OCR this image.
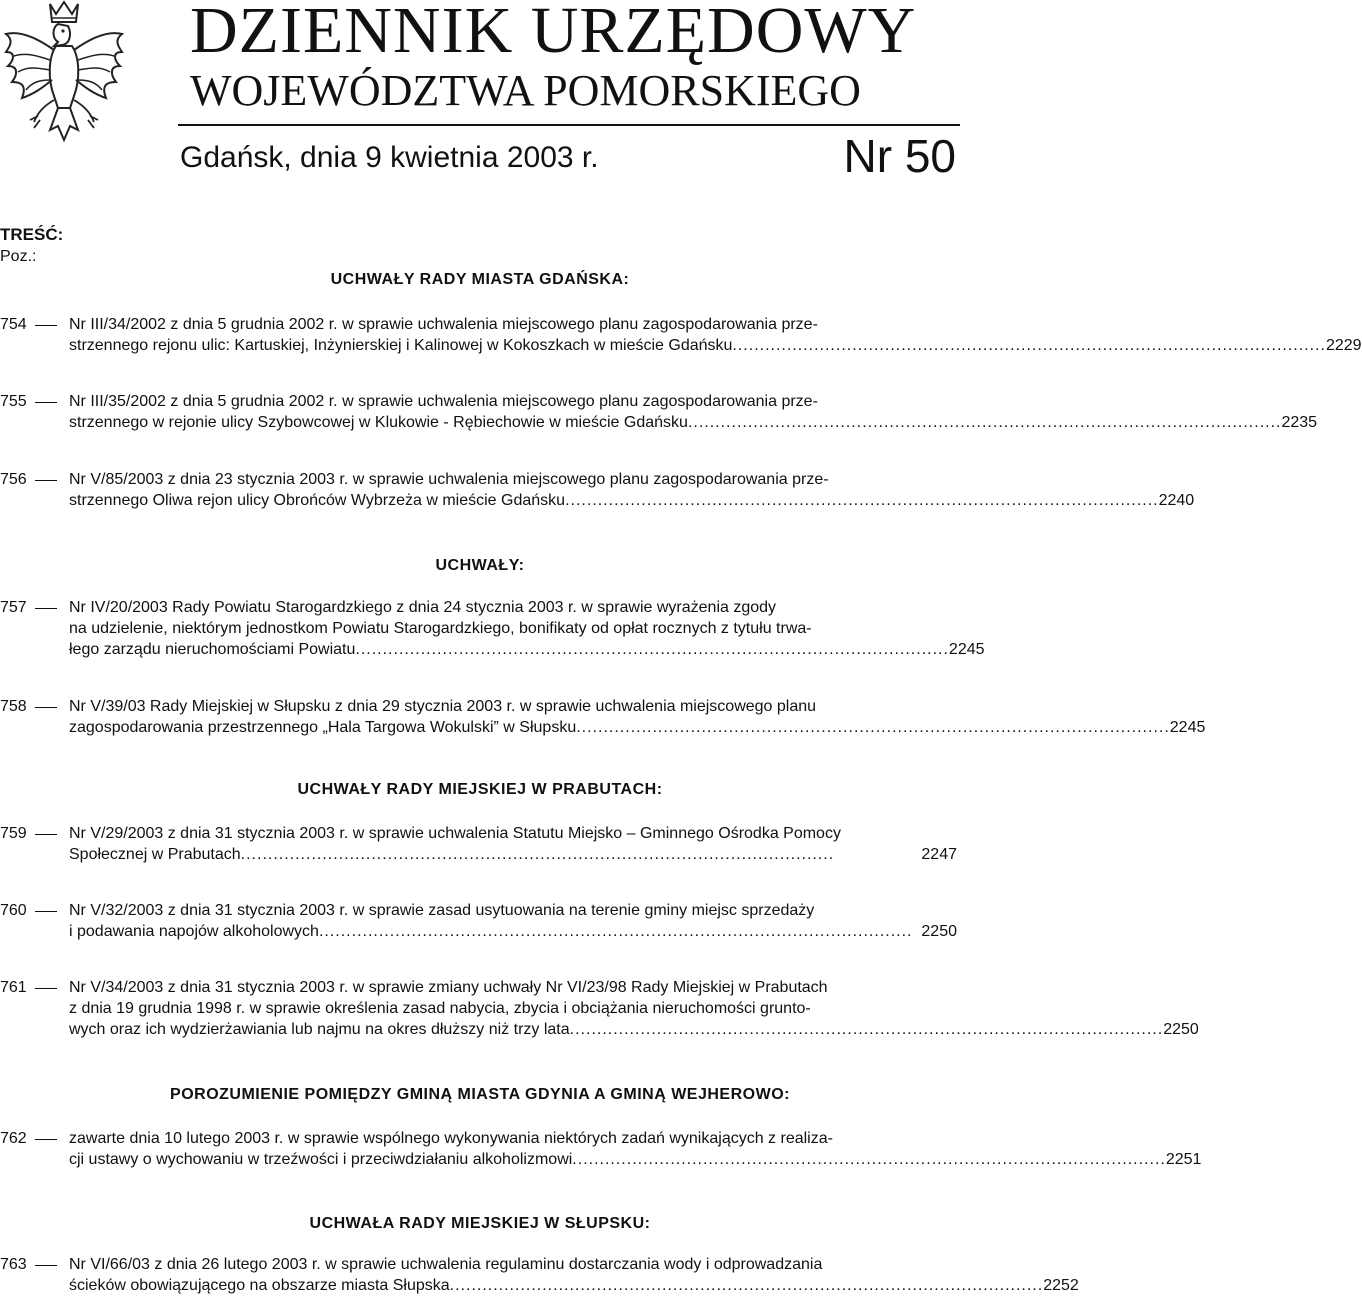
DZIENNIK URZĘDOWY
WOJEWÓDZTWA POMORSKIEGO
Gdańsk, dnia 9 kwietnia 2003 r.	Nr 50
TREŚĆ:
Poz.:
UCHWAŁY RADY MIASTA GDAŃSKA:
UCHWAŁY:
UCHWAŁY RADY MIEJSKIEJ W PRABUTACH:
POROZUMIENIE POMIĘDZY GMINĄ MIASTA GDYNIA A GMINĄ WEJHEROWO:
UCHWAŁA RADY MIEJSKIEJ W SŁUPSKU:
754	Nr III/34/2002 z dnia 5 grudnia 2002 r. w sprawie uchwalenia miejscowego planu zagospodarowania prze-
strzennego rejonu ulic: Kartuskiej, Inżynierskiej i Kalinowej w Kokoszkach w mieście Gdańsku ............................................................................................................. 2229
755	Nr III/35/2002 z dnia 5 grudnia 2002 r. w sprawie uchwalenia miejscowego planu zagospodarowania prze-
strzennego w rejonie ulicy Szybowcowej w Klukowie - Rębiechowie w mieście Gdańsku ............................................................................................................. 2235
756	Nr V/85/2003 z dnia 23 stycznia 2003 r. w sprawie uchwalenia miejscowego planu zagospodarowania prze-
strzennego Oliwa rejon ulicy Obrońców Wybrzeża w mieście Gdańsku ............................................................................................................. 2240
757	Nr IV/20/2003 Rady Powiatu Starogardzkiego z dnia 24 stycznia 2003 r. w sprawie wyrażenia zgody
na udzielenie, niektórym jednostkom Powiatu Starogardzkiego, bonifikaty od opłat rocznych z tytułu trwa-
łego zarządu nieruchomościami Powiatu ............................................................................................................. 2245
758	Nr V/39/03 Rady Miejskiej w Słupsku z dnia 29 stycznia 2003 r. w sprawie uchwalenia miejscowego planu
zagospodarowania przestrzennego „Hala Targowa Wokulski” w Słupsku ............................................................................................................. 2245
759	Nr V/29/2003 z dnia 31 stycznia 2003 r. w sprawie uchwalenia Statutu Miejsko – Gminnego Ośrodka Pomocy
Społecznej w Prabutach .............................................................................................................	2247
760	Nr V/32/2003 z dnia 31 stycznia 2003 r. w sprawie zasad usytuowania na terenie gminy miejsc sprzedaży
i podawania napojów alkoholowych ............................................................................................................. 2250
761	Nr V/34/2003 z dnia 31 stycznia 2003 r. w sprawie zmiany uchwały Nr VI/23/98 Rady Miejskiej w Prabutach
z dnia 19 grudnia 1998 r. w sprawie określenia zasad nabycia, zbycia i obciążania nieruchomości grunto-
wych oraz ich wydzierżawiania lub najmu na okres dłuższy niż trzy lata ............................................................................................................. 2250
762	zawarte dnia 10 lutego 2003 r. w sprawie wspólnego wykonywania niektórych zadań wynikających z realiza-
cji ustawy o wychowaniu w trzeźwości i przeciwdziałaniu alkoholizmowi ............................................................................................................. 2251
763	Nr VI/66/03 z dnia 26 lutego 2003 r. w sprawie uchwalenia regulaminu dostarczania wody i odprowadzania
ścieków obowiązującego na obszarze miasta Słupska ............................................................................................................. 2252
